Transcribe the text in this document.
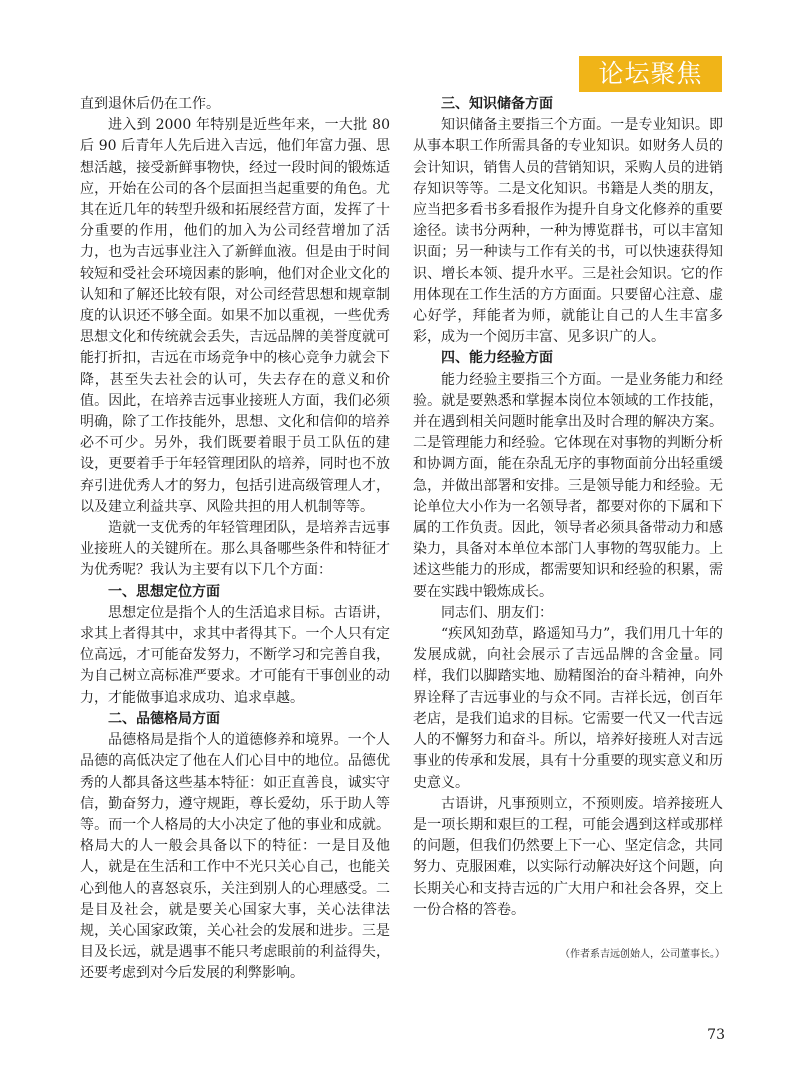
论坛聚焦

直到退休后仍在工作。

进入到 2000 年特别是近些年来，一大批 80 后 90 后青年人先后进入吉远，他们年富力强、思想活越，接受新鲜事物快，经过一段时间的锻炼适应，开始在公司的各个层面担当起重要的角色。尤其在近几年的转型升级和拓展经营方面，发挥了十分重要的作用，他们的加入为公司经营增加了活力，也为吉远事业注入了新鲜血液。但是由于时间较短和受社会环境因素的影响，他们对企业文化的认知和了解还比较有限，对公司经营思想和规章制度的认识还不够全面。如果不加以重视，一些优秀思想文化和传统就会丢失，吉远品牌的美誉度就可能打折扣，吉远在市场竞争中的核心竞争力就会下降，甚至失去社会的认可，失去存在的意义和价值。因此，在培养吉远事业接班人方面，我们必须明确，除了工作技能外，思想、文化和信仰的培养必不可少。另外，我们既要着眼于员工队伍的建设，更要着手于年轻管理团队的培养，同时也不放弃引进优秀人才的努力，包括引进高级管理人才，以及建立利益共享、风险共担的用人机制等等。

造就一支优秀的年轻管理团队，是培养吉远事业接班人的关键所在。那么具备哪些条件和特征才为优秀呢？我认为主要有以下几个方面：

一、思想定位方面

思想定位是指个人的生活追求目标。古语讲，求其上者得其中，求其中者得其下。一个人只有定位高远，才可能奋发努力，不断学习和完善自我，为自己树立高标准严要求。才可能有干事创业的动力，才能做事追求成功、追求卓越。

二、品德格局方面

品德格局是指个人的道德修养和境界。一个人品德的高低决定了他在人们心目中的地位。品德优秀的人都具备这些基本特征：如正直善良，诚实守信，勤奋努力，遵守规距，尊长爱幼，乐于助人等等。而一个人格局的大小决定了他的事业和成就。格局大的人一般会具备以下的特征：一是目及他人，就是在生活和工作中不光只关心自己，也能关心到他人的喜怒哀乐，关注到别人的心理感受。二是目及社会，就是要关心国家大事，关心法律法规，关心国家政策，关心社会的发展和进步。三是目及长远，就是遇事不能只考虑眼前的利益得失，还要考虑到对今后发展的利弊影响。

三、知识储备方面

知识储备主要指三个方面。一是专业知识。即从事本职工作所需具备的专业知识。如财务人员的会计知识，销售人员的营销知识，采购人员的进销存知识等等。二是文化知识。书籍是人类的朋友，应当把多看书多看报作为提升自身文化修养的重要途径。读书分两种，一种为博览群书，可以丰富知识面；另一种读与工作有关的书，可以快速获得知识、增长本领、提升水平。三是社会知识。它的作用体现在工作生活的方方面面。只要留心注意、虚心好学，拜能者为师，就能让自己的人生丰富多彩，成为一个阅历丰富、见多识广的人。

四、能力经验方面

能力经验主要指三个方面。一是业务能力和经验。就是要熟悉和掌握本岗位本领域的工作技能，并在遇到相关问题时能拿出及时合理的解决方案。二是管理能力和经验。它体现在对事物的判断分析和协调方面，能在杂乱无序的事物面前分出轻重缓急，并做出部署和安排。三是领导能力和经验。无论单位大小作为一名领导者，都要对你的下属和下属的工作负责。因此，领导者必须具备带动力和感染力，具备对本单位本部门人事物的驾驭能力。上述这些能力的形成，都需要知识和经验的积累，需要在实践中锻炼成长。

同志们、朋友们：

“疾风知劲草，路遥知马力”，我们用几十年的发展成就，向社会展示了吉远品牌的含金量。同样，我们以脚踏实地、励精图治的奋斗精神，向外界诠释了吉远事业的与众不同。吉祥长远，创百年老店，是我们追求的目标。它需要一代又一代吉远人的不懈努力和奋斗。所以，培养好接班人对吉远事业的传承和发展，具有十分重要的现实意义和历史意义。

古语讲，凡事预则立，不预则废。培养接班人是一项长期和艰巨的工程，可能会遇到这样或那样的问题，但我们仍然要上下一心、坚定信念，共同努力、克服困难，以实际行动解决好这个问题，向长期关心和支持吉远的广大用户和社会各界，交上一份合格的答卷。

（作者系吉远创始人，公司董事长。）
73
